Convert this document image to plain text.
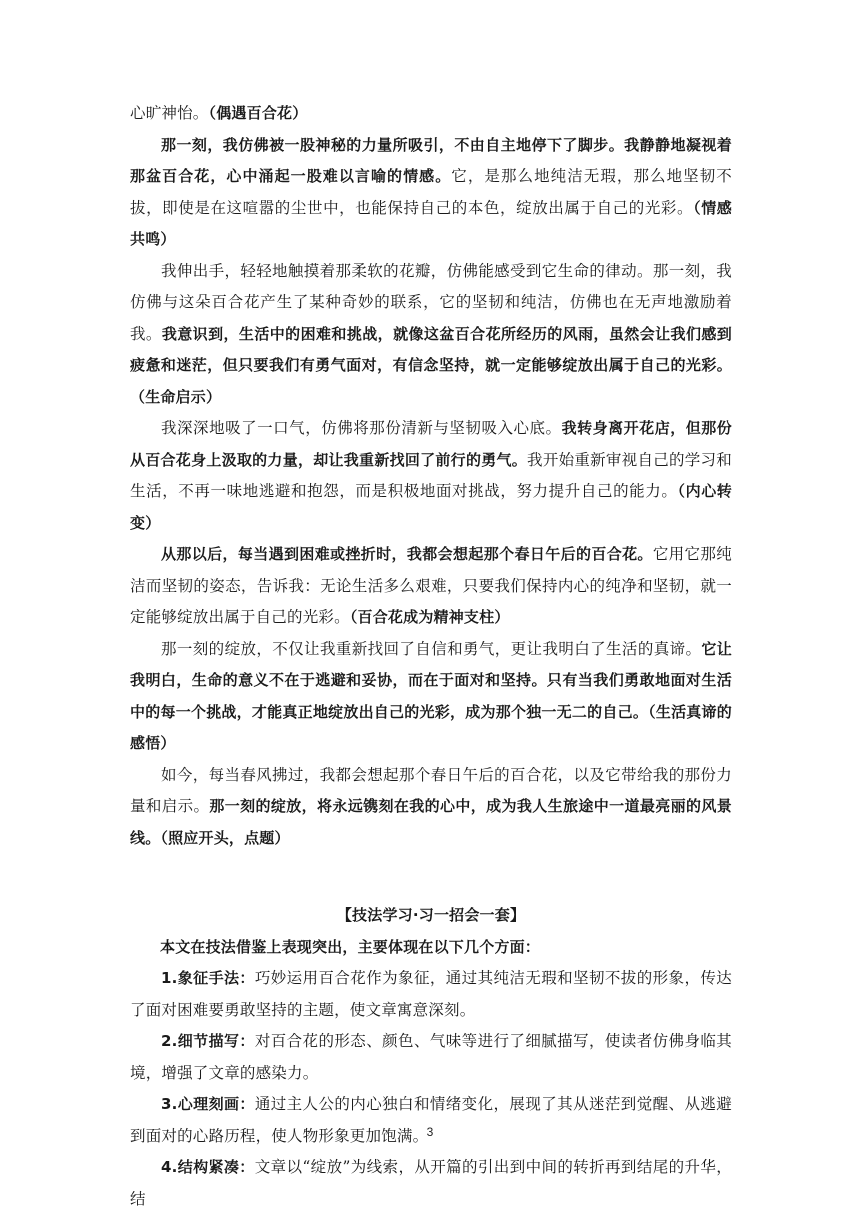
心旷神怡。（偶遇百合花）

那一刻，我仿佛被一股神秘的力量所吸引，不由自主地停下了脚步。我静静地凝视着那盆百合花，心中涌起一股难以言喻的情感。它，是那么地纯洁无瑕，那么地坚韧不拔，即使是在这喧嚣的尘世中，也能保持自己的本色，绽放出属于自己的光彩。（情感共鸣）

我伸出手，轻轻地触摸着那柔软的花瓣，仿佛能感受到它生命的律动。那一刻，我仿佛与这朵百合花产生了某种奇妙的联系，它的坚韧和纯洁，仿佛也在无声地激励着我。我意识到，生活中的困难和挑战，就像这盆百合花所经历的风雨，虽然会让我们感到疲惫和迷茫，但只要我们有勇气面对，有信念坚持，就一定能够绽放出属于自己的光彩。（生命启示）

我深深地吸了一口气，仿佛将那份清新与坚韧吸入心底。我转身离开花店，但那份从百合花身上汲取的力量，却让我重新找回了前行的勇气。我开始重新审视自己的学习和生活，不再一味地逃避和抱怨，而是积极地面对挑战，努力提升自己的能力。（内心转变）

从那以后，每当遇到困难或挫折时，我都会想起那个春日午后的百合花。它用它那纯洁而坚韧的姿态，告诉我：无论生活多么艰难，只要我们保持内心的纯净和坚韧，就一定能够绽放出属于自己的光彩。（百合花成为精神支柱）

那一刻的绽放，不仅让我重新找回了自信和勇气，更让我明白了生活的真谛。它让我明白，生命的意义不在于逃避和妥协，而在于面对和坚持。只有当我们勇敢地面对生活中的每一个挑战，才能真正地绽放出自己的光彩，成为那个独一无二的自己。（生活真谛的感悟）

如今，每当春风拂过，我都会想起那个春日午后的百合花，以及它带给我的那份力量和启示。那一刻的绽放，将永远镌刻在我的心中，成为我人生旅途中一道最亮丽的风景线。（照应开头，点题）

【技法学习·习一招会一套】

本文在技法借鉴上表现突出，主要体现在以下几个方面：

1.象征手法：巧妙运用百合花作为象征，通过其纯洁无瑕和坚韧不拔的形象，传达了面对困难要勇敢坚持的主题，使文章寓意深刻。

2.细节描写：对百合花的形态、颜色、气味等进行了细腻描写，使读者仿佛身临其境，增强了文章的感染力。

3.心理刻画：通过主人公的内心独白和情绪变化，展现了其从迷茫到觉醒、从逃避到面对的心路历程，使人物形象更加饱满。

4.结构紧凑：文章以“绽放”为线索，从开篇的引出到中间的转折再到结尾的升华，结

3
